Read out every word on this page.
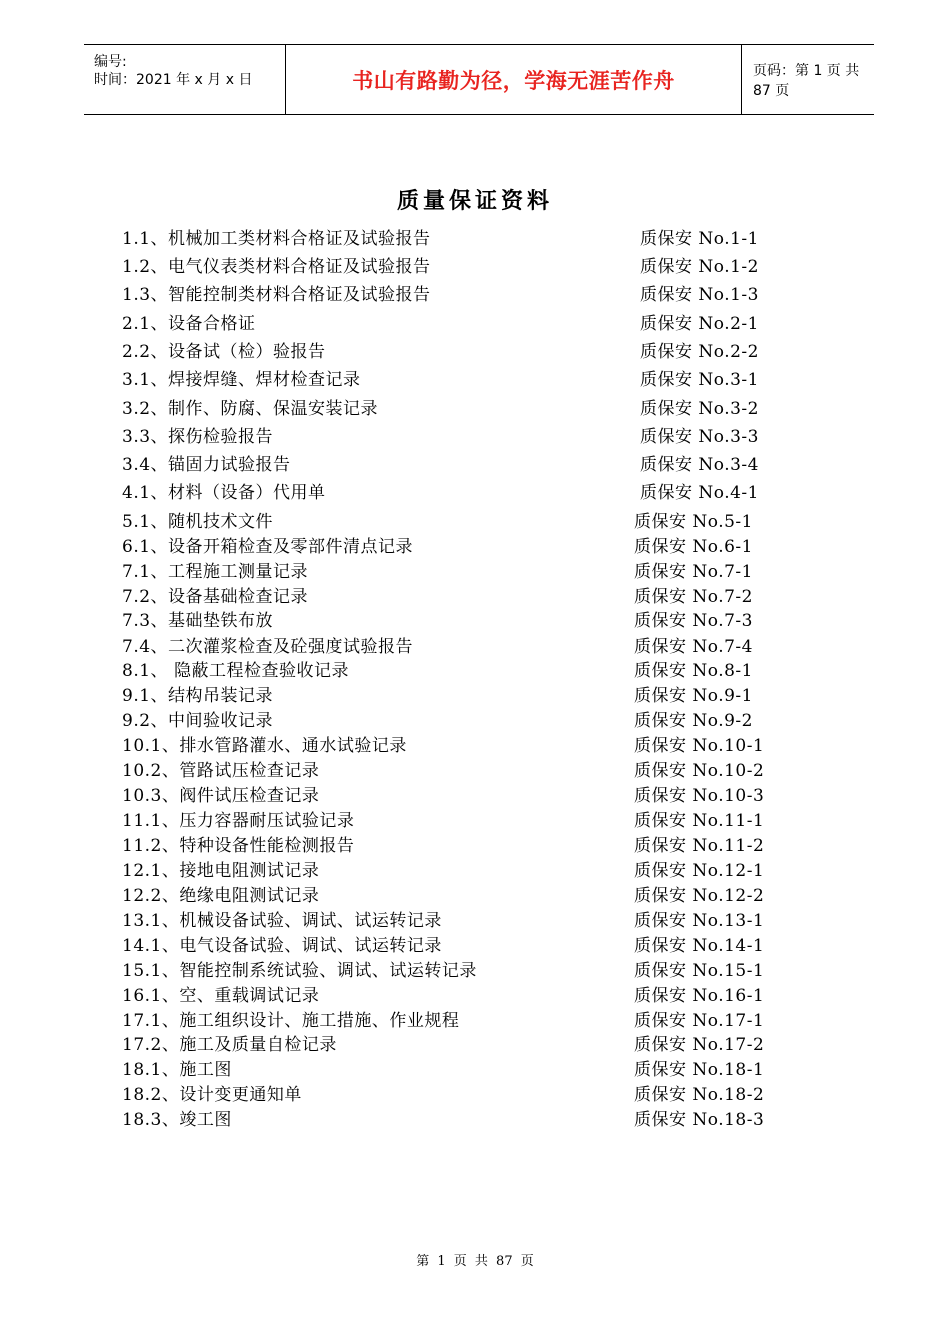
编号:
时间：2021 年 x 月 x 日	书山有路勤为径，学海无涯苦作舟	页码：第 1 页 共 87 页
质量保证资料
1.1、机械加工类材料合格证及试验报告	质保安 No.1-1
1.2、电气仪表类材料合格证及试验报告	质保安 No.1-2
1.3、智能控制类材料合格证及试验报告	质保安 No.1-3
2.1、设备合格证	质保安 No.2-1
2.2、设备试（检）验报告	质保安 No.2-2
3.1、焊接焊缝、焊材检查记录	质保安 No.3-1
3.2、制作、防腐、保温安装记录	质保安 No.3-2
3.3、探伤检验报告	质保安 No.3-3
3.4、锚固力试验报告	质保安 No.3-4
4.1、材料（设备）代用单	质保安 No.4-1
5.1、随机技术文件	质保安 No.5-1
6.1、设备开箱检查及零部件清点记录	质保安 No.6-1
7.1、工程施工测量记录	质保安 No.7-1
7.2、设备基础检查记录	质保安 No.7-2
7.3、基础垫铁布放	质保安 No.7-3
7.4、二次灌浆检查及砼强度试验报告	质保安 No.7-4
8.1、 隐蔽工程检查验收记录	质保安 No.8-1
9.1、结构吊装记录	质保安 No.9-1
9.2、中间验收记录	质保安 No.9-2
10.1、排水管路灌水、通水试验记录	质保安 No.10-1
10.2、管路试压检查记录	质保安 No.10-2
10.3、阀件试压检查记录	质保安 No.10-3
11.1、压力容器耐压试验记录	质保安 No.11-1
11.2、特种设备性能检测报告	质保安 No.11-2
12.1、接地电阻测试记录	质保安 No.12-1
12.2、绝缘电阻测试记录	质保安 No.12-2
13.1、机械设备试验、调试、试运转记录	质保安 No.13-1
14.1、电气设备试验、调试、试运转记录	质保安 No.14-1
15.1、智能控制系统试验、调试、试运转记录	质保安 No.15-1
16.1、空、重载调试记录	质保安 No.16-1
17.1、施工组织设计、施工措施、作业规程	质保安 No.17-1
17.2、施工及质量自检记录	质保安 No.17-2
18.1、施工图	质保安 No.18-1
18.2、设计变更通知单	质保安 No.18-2
18.3、竣工图	质保安 No.18-3
第 1 页 共 87 页
